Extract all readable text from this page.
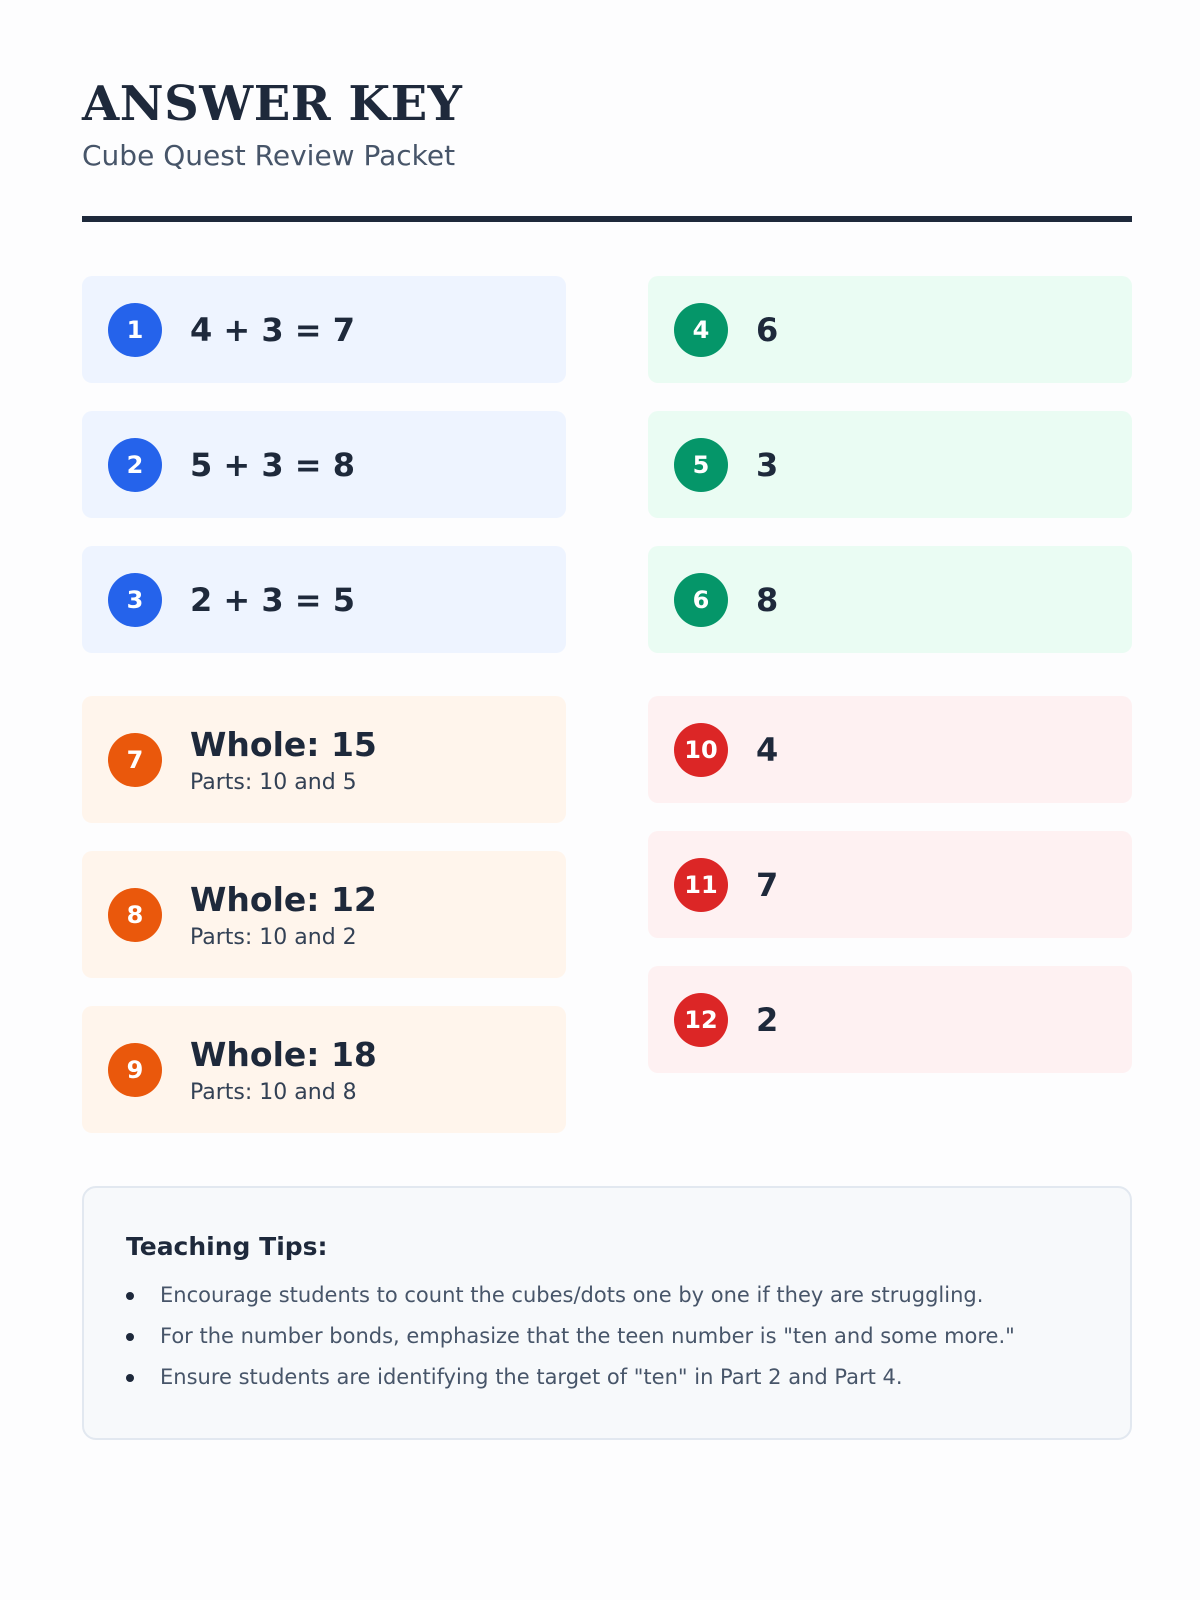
ANSWER KEY
Cube Quest Review Packet
1	4 + 3 = 7
2	5 + 3 = 8
3	2 + 3 = 5
4	6
5	3
6	8
7	Whole: 15
Parts: 10 and 5
8	Whole: 12
Parts: 10 and 2
9	Whole: 18
Parts: 10 and 8
10	4
11	7
12	2
Teaching Tips:
Encourage students to count the cubes/dots one by one if they are struggling.
For the number bonds, emphasize that the teen number is "ten and some more."
Ensure students are identifying the target of "ten" in Part 2 and Part 4.
